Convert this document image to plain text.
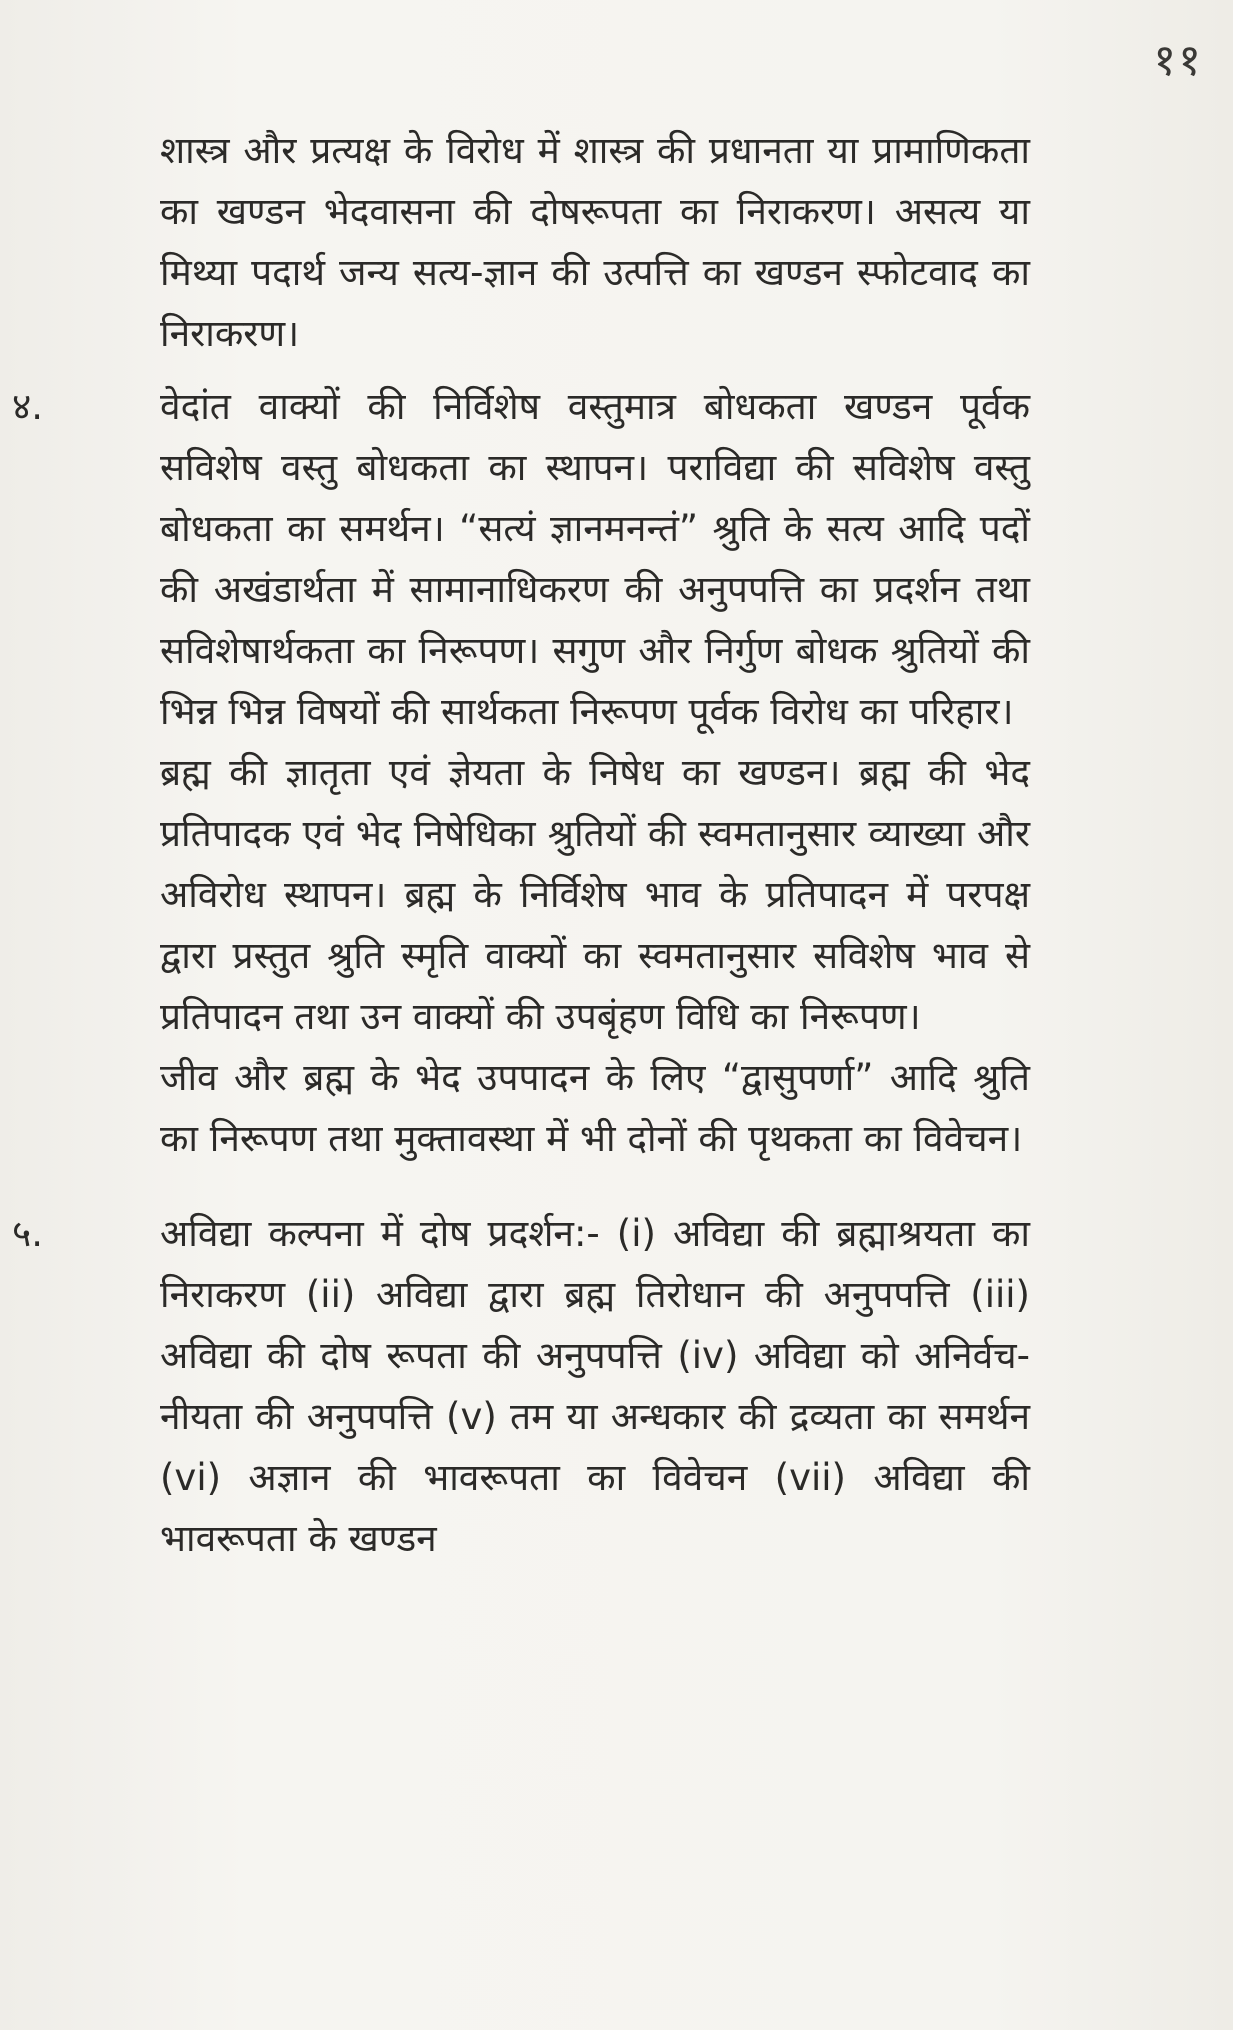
११

शास्त्र और प्रत्यक्ष के विरोध में शास्त्र की प्रधानता या प्रामाणिकता का खण्डन भेदवासना की दोषरूपता का निराकरण। असत्य या मिथ्या पदार्थ जन्य सत्य-ज्ञान की उत्पत्ति का खण्डन स्फोटवाद का निराकरण।

४.	वेदांत वाक्यों की निर्विशेष वस्तुमात्र बोधकता खण्डन पूर्वक सविशेष वस्तु बोधकता का स्थापन। पराविद्या की सविशेष वस्तु बोधकता का समर्थन। “सत्यं ज्ञानमनन्तं” श्रुति के सत्य आदि पदों की अखंडार्थता में सामानाधिकरण की अनुपपत्ति का प्रदर्शन तथा सविशेषार्थकता का निरूपण। सगुण और निर्गुण बोधक श्रुतियों की भिन्न भिन्न विषयों की सार्थकता निरूपण पूर्वक विरोध का परिहार।

ब्रह्म की ज्ञातृता एवं ज्ञेयता के निषेध का खण्डन। ब्रह्म की भेद प्रतिपादक एवं भेद निषेधिका श्रुतियों की स्वमतानुसार व्याख्या और अविरोध स्थापन। ब्रह्म के निर्विशेष भाव के प्रतिपादन में परपक्ष द्वारा प्रस्तुत श्रुति स्मृति वाक्यों का स्वमतानुसार सविशेष भाव से प्रतिपादन तथा उन वाक्यों की उपबृंहण विधि का निरूपण।

जीव और ब्रह्म के भेद उपपादन के लिए “द्वासुपर्णा” आदि श्रुति का निरूपण तथा मुक्तावस्था में भी दोनों की पृथकता का विवेचन।

५.	अविद्या कल्पना में दोष प्रदर्शन:- (i) अविद्या की ब्रह्माश्रयता का निराकरण (ii) अविद्या द्वारा ब्रह्म तिरोधान की अनुपपत्ति (iii) अविद्या की दोष रूपता की अनुपपत्ति (iv) अविद्या को अनिर्वच-नीयता की अनुपपत्ति (v) तम या अन्धकार की द्रव्यता का समर्थन (vi) अज्ञान की भावरूपता का विवेचन (vii) अविद्या की भावरूपता के खण्डन
